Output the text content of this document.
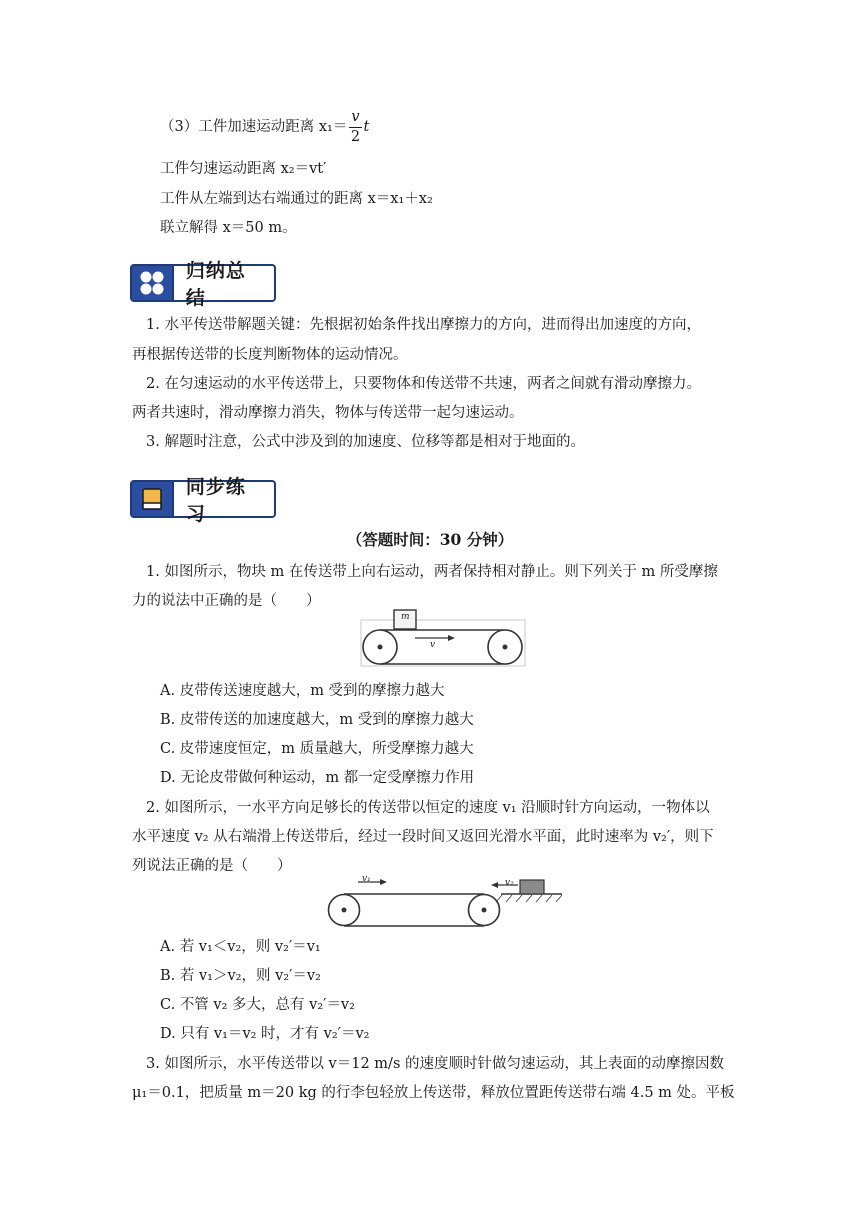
（3）工件加速运动距离 $x_1= \frac{v}{2}$ t
工件匀速运动距离 x₂＝vt′
工件从左端到达右端通过的距离 x＝x₁＋x₂
联立解得 x＝50 m。
归纳总结
1. 水平传送带解题关键：先根据初始条件找出摩擦力的方向，进而得出加速度的方向，
再根据传送带的长度判断物体的运动情况。
2. 在匀速运动的水平传送带上，只要物体和传送带不共速，两者之间就有滑动摩擦力。
两者共速时，滑动摩擦力消失，物体与传送带一起匀速运动。
3. 解题时注意，公式中涉及到的加速度、位移等都是相对于地面的。
同步练习
（答题时间：30 分钟）
1. 如图所示，物块 m 在传送带上向右运动，两者保持相对静止。则下列关于 m 所受摩擦
力的说法中正确的是（　　）
m
v
A. 皮带传送速度越大，m 受到的摩擦力越大
B. 皮带传送的加速度越大，m 受到的摩擦力越大
C. 皮带速度恒定，m 质量越大，所受摩擦力越大
D. 无论皮带做何种运动，m 都一定受摩擦力作用
2. 如图所示，一水平方向足够长的传送带以恒定的速度 v₁ 沿顺时针方向运动，一物体以
水平速度 v₂ 从右端滑上传送带后，经过一段时间又返回光滑水平面，此时速率为 v₂′，则下
列说法正确的是（　　）
v₁	v₂
A. 若 v₁＜v₂，则 v₂′＝v₁
B. 若 v₁＞v₂，则 v₂′＝v₂
C. 不管 v₂ 多大，总有 v₂′＝v₂
D. 只有 v₁＝v₂ 时，才有 v₂′＝v₂
3. 如图所示，水平传送带以 v＝12 m/s 的速度顺时针做匀速运动，其上表面的动摩擦因数
μ₁＝0.1，把质量 m＝20 kg 的行李包轻放上传送带，释放位置距传送带右端 4.5 m 处。平板
